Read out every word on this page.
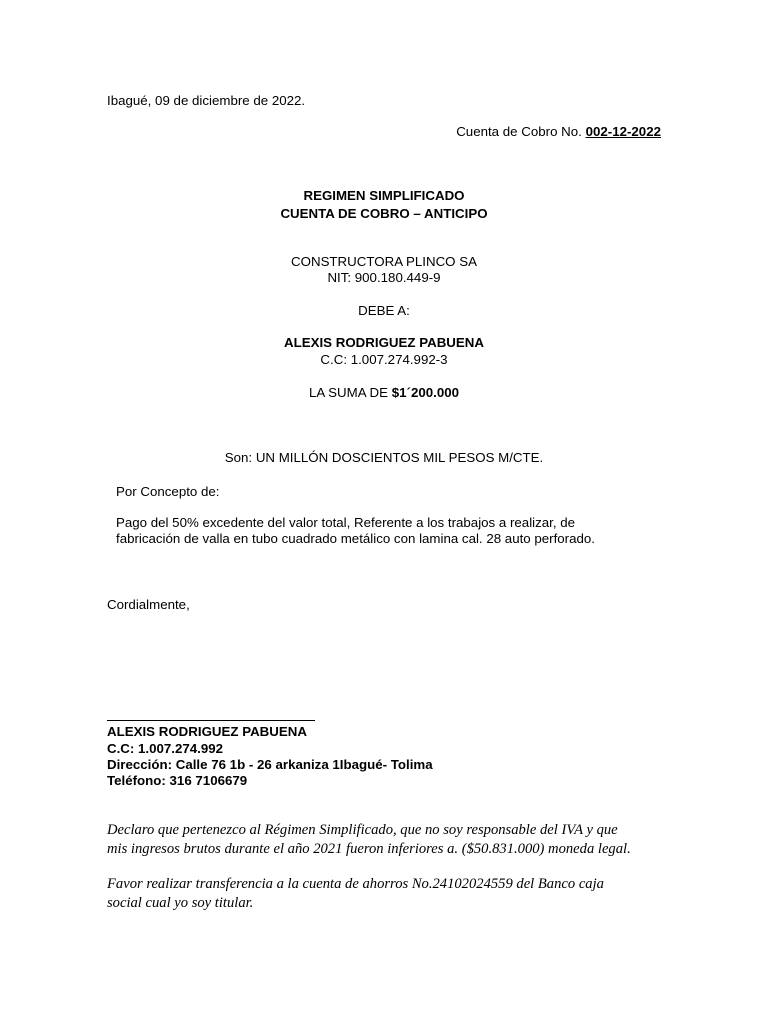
Ibagué, 09 de diciembre de 2022.
Cuenta de Cobro No. 002-12-2022
REGIMEN SIMPLIFICADO
CUENTA DE COBRO – ANTICIPO
CONSTRUCTORA PLINCO SA
NIT: 900.180.449-9
DEBE A:
ALEXIS RODRIGUEZ PABUENA
C.C: 1.007.274.992-3
LA SUMA DE $1´200.000
Son: UN MILLÓN DOSCIENTOS MIL PESOS M/CTE.
Por Concepto de:
Pago del 50% excedente del valor total, Referente a los trabajos a realizar, de
fabricación de valla en tubo cuadrado metálico con lamina cal. 28 auto perforado.
Cordialmente,
ALEXIS RODRIGUEZ PABUENA
C.C: 1.007.274.992
Dirección: Calle 76 1b - 26 arkaniza 1Ibagué- Tolima
Teléfono: 316 7106679
Declaro que pertenezco al Régimen Simplificado, que no soy responsable del IVA y que
mis ingresos brutos durante el año 2021 fueron inferiores a. ($50.831.000) moneda legal.
Favor realizar transferencia a la cuenta de ahorros No.24102024559 del Banco caja
social cual yo soy titular.
